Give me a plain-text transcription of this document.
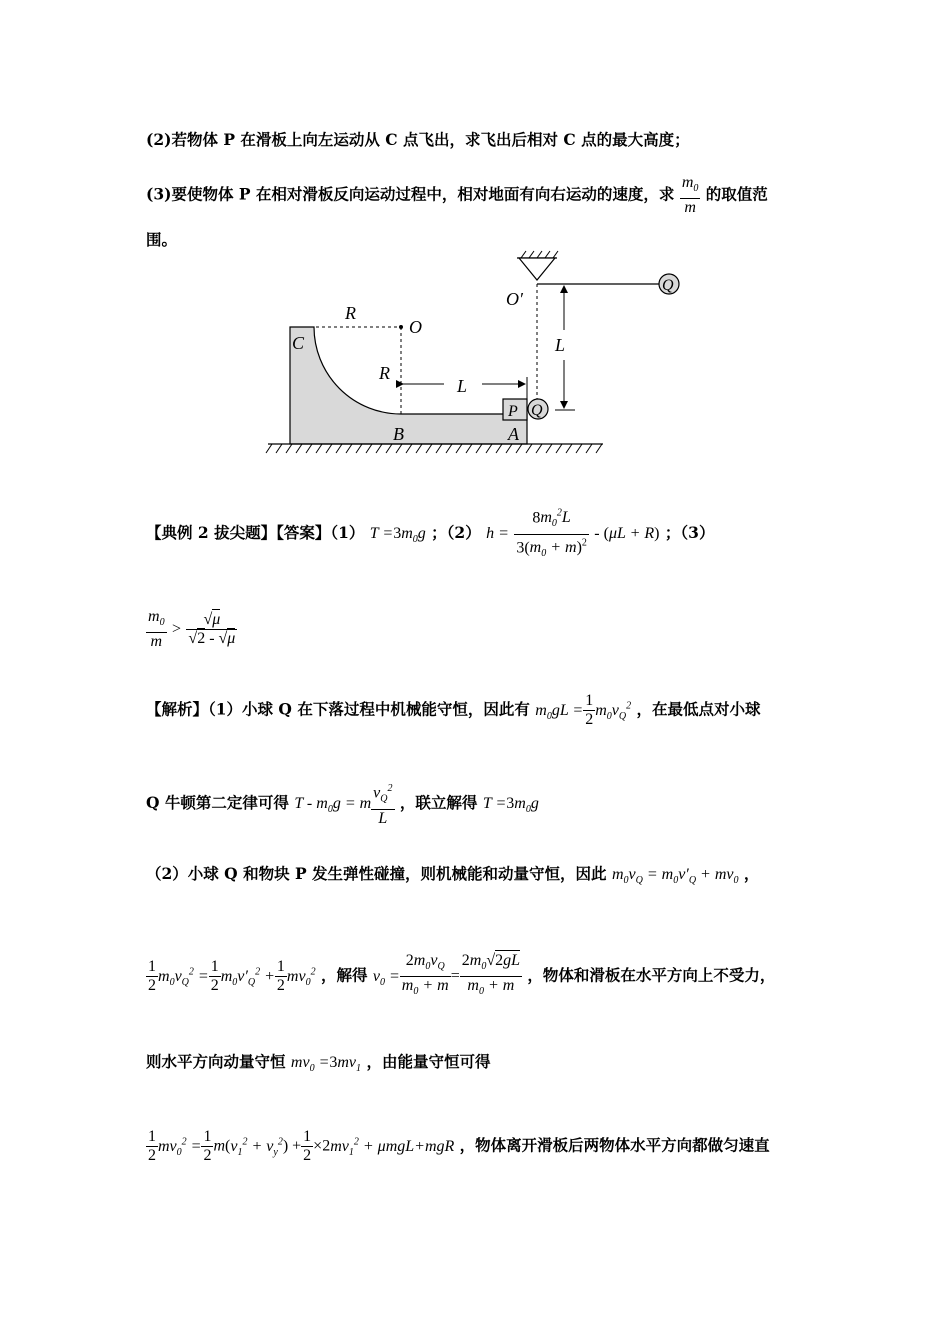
(2)若物体 P 在滑板上向左运动从 C 点飞出，求飞出后相对 C 点的最大高度；
(3)要使物体 P 在相对滑板反向运动过程中，相对地面有向右运动的速度，求 $\frac{m_0}{m}$ 的取值范
围。
R
O
C
R
L
B
P Q
A
O′
L
Q
【典例 2 拔尖题】【答案】（1） $T =3m_0g$ ；（2） $h = \frac{8m_0^2L}{3(m_0 + m)^2} - (\mu L + R)$ ；（3）
$\frac{m_0}{m} > \frac{√\mu}{√2 - √\mu}$
【解析】（1）小球 Q 在下落过程中机械能守恒，因此有 $m_0gL = \frac{1}{2} m_0v_Q^2$ ，在最低点对小球
Q 牛顿第二定律可得 $T - m_0g = m \frac{v_Q^2}{L}$ ，联立解得 $T =3m_0g$
（2）小球 Q 和物块 P 发生弹性碰撞，则机械能和动量守恒，因此 $m_0v_Q = m_0v'_Q + mv_0$ ，
$\frac{1}{2} m_0v_Q^2 = \frac{1}{2} m_0v'_Q^2 + \frac{1}{2} mv_0^2$ ，解得 $v_0 = \frac{2m_0v_Q}{m_0 + m} = \frac{2m_0√2gL}{m_0 + m}$ ，物体和滑板在水平方向上不受力，
则水平方向动量守恒 $mv_0 =3mv_1$ ，由能量守恒可得
$\frac{1}{2} mv_0^2 = \frac{1}{2} m(v_1^2 + v_y^2) + \frac{1}{2} \times 2mv_1^2 + \mu mgL+mgR$ ，物体离开滑板后两物体水平方向都做匀速直
